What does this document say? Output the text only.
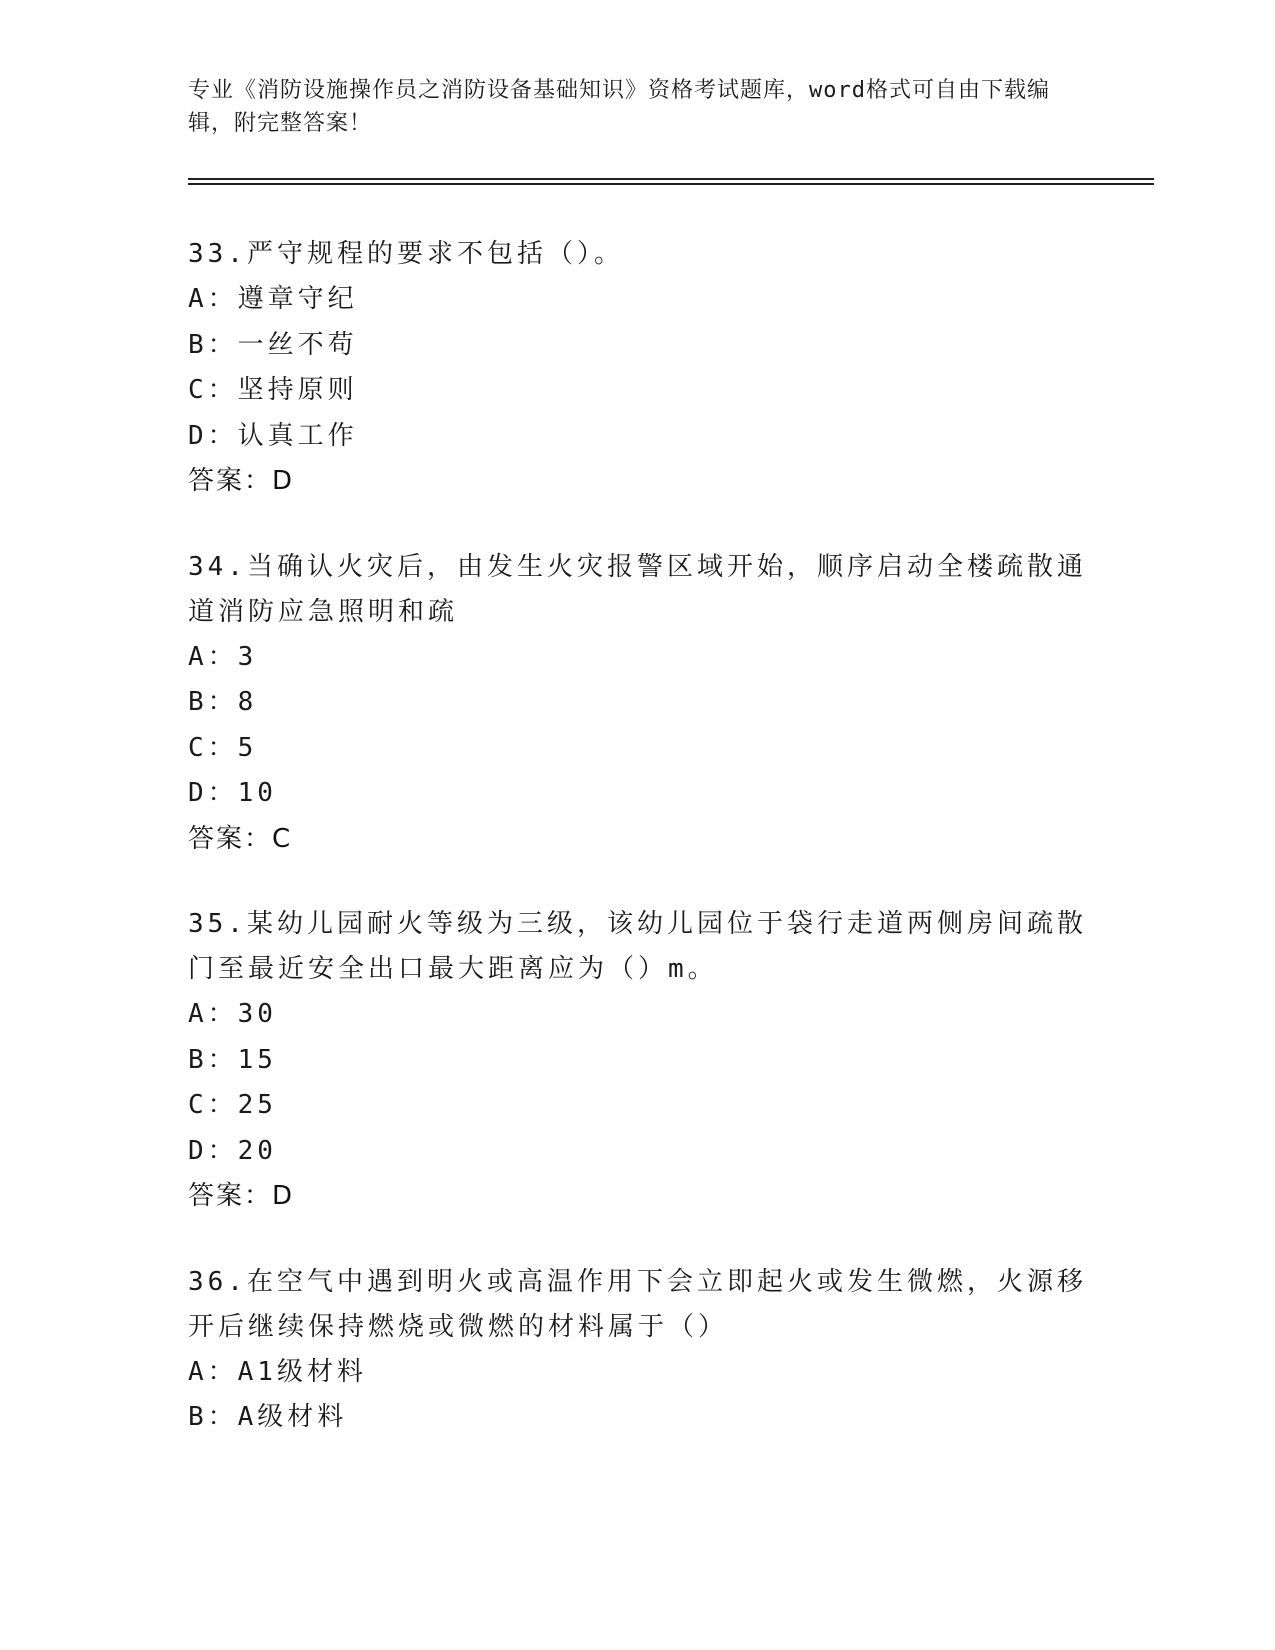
专业《消防设施操作员之消防设备基础知识》资格考试题库，word格式可自由下载编辑，附完整答案！
33.严守规程的要求不包括（）。
A：遵章守纪
B：一丝不苟
C：坚持原则
D：认真工作
答案：D
34.当确认火灾后，由发生火灾报警区域开始，顺序启动全楼疏散通道消防应急照明和疏
A：3
B：8
C：5
D：10
答案：C
35.某幼儿园耐火等级为三级，该幼儿园位于袋行走道两侧房间疏散门至最近安全出口最大距离应为（）m。
A：30
B：15
C：25
D：20
答案：D
36.在空气中遇到明火或高温作用下会立即起火或发生微燃，火源移开后继续保持燃烧或微燃的材料属于（）
A：A1级材料
B：A级材料
